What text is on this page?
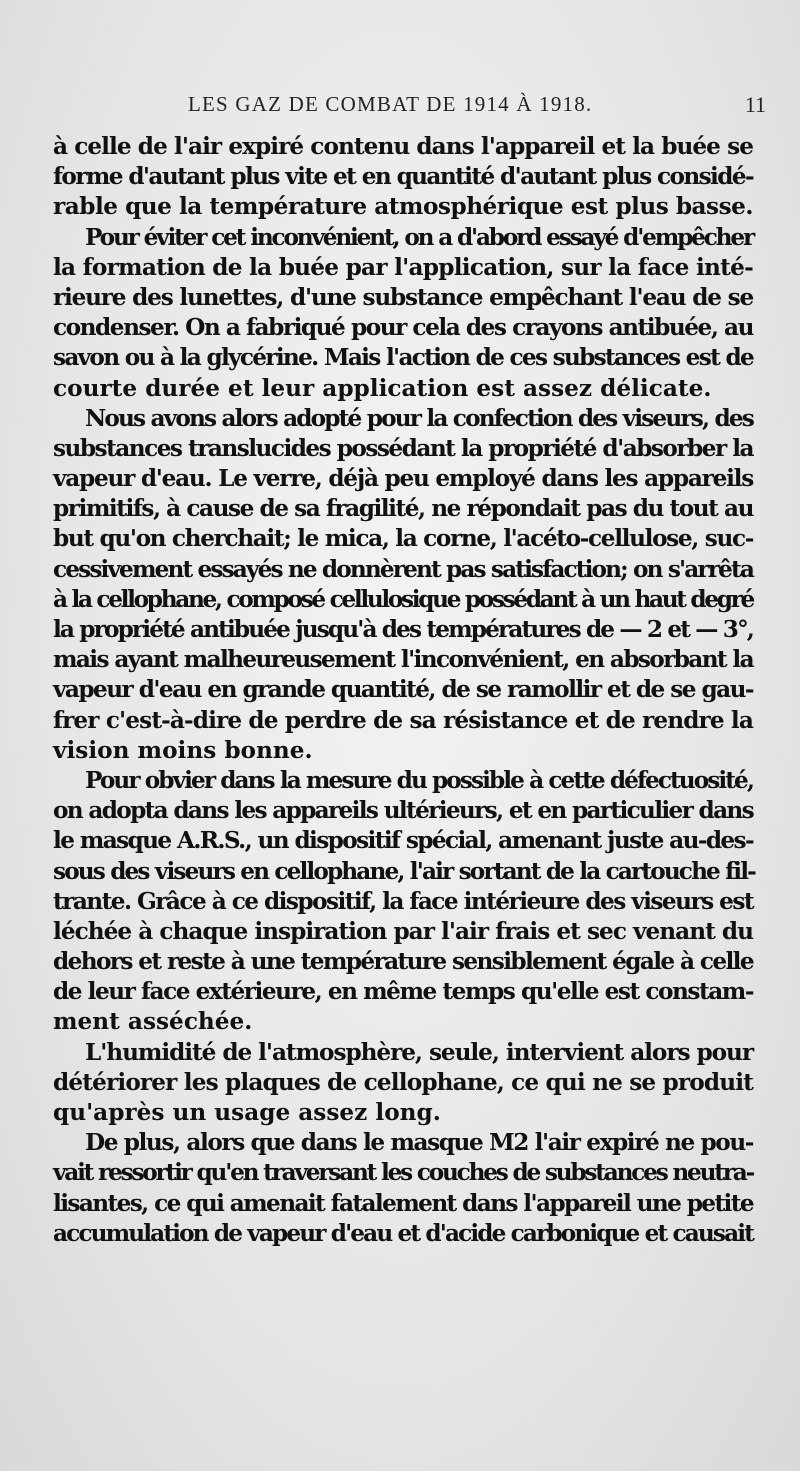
LES GAZ DE COMBAT DE 1914 À 1918.	11
à celle de l'air expiré contenu dans l'appareil et la buée se
forme d'autant plus vite et en quantité d'autant plus considé-
rable que la température atmosphérique est plus basse.
Pour éviter cet inconvénient, on a d'abord essayé d'empêcher
la formation de la buée par l'application, sur la face inté-
rieure des lunettes, d'une substance empêchant l'eau de se
condenser. On a fabriqué pour cela des crayons antibuée, au
savon ou à la glycérine. Mais l'action de ces substances est de
courte durée et leur application est assez délicate.
Nous avons alors adopté pour la confection des viseurs, des
substances translucides possédant la propriété d'absorber la
vapeur d'eau. Le verre, déjà peu employé dans les appareils
primitifs, à cause de sa fragilité, ne répondait pas du tout au
but qu'on cherchait; le mica, la corne, l'acéto-cellulose, suc-
cessivement essayés ne donnèrent pas satisfaction; on s'arrêta
à la cellophane, composé cellulosique possédant à un haut degré
la propriété antibuée jusqu'à des températures de — 2 et — 3°,
mais ayant malheureusement l'inconvénient, en absorbant la
vapeur d'eau en grande quantité, de se ramollir et de se gau-
frer c'est-à-dire de perdre de sa résistance et de rendre la
vision moins bonne.
Pour obvier dans la mesure du possible à cette défectuosité,
on adopta dans les appareils ultérieurs, et en particulier dans
le masque A.R.S., un dispositif spécial, amenant juste au-des-
sous des viseurs en cellophane, l'air sortant de la cartouche fil-
trante. Grâce à ce dispositif, la face intérieure des viseurs est
léchée à chaque inspiration par l'air frais et sec venant du
dehors et reste à une température sensiblement égale à celle
de leur face extérieure, en même temps qu'elle est constam-
ment asséchée.
L'humidité de l'atmosphère, seule, intervient alors pour
détériorer les plaques de cellophane, ce qui ne se produit
qu'après un usage assez long.
De plus, alors que dans le masque M2 l'air expiré ne pou-
vait ressortir qu'en traversant les couches de substances neutra-
lisantes, ce qui amenait fatalement dans l'appareil une petite
accumulation de vapeur d'eau et d'acide carbonique et causait
